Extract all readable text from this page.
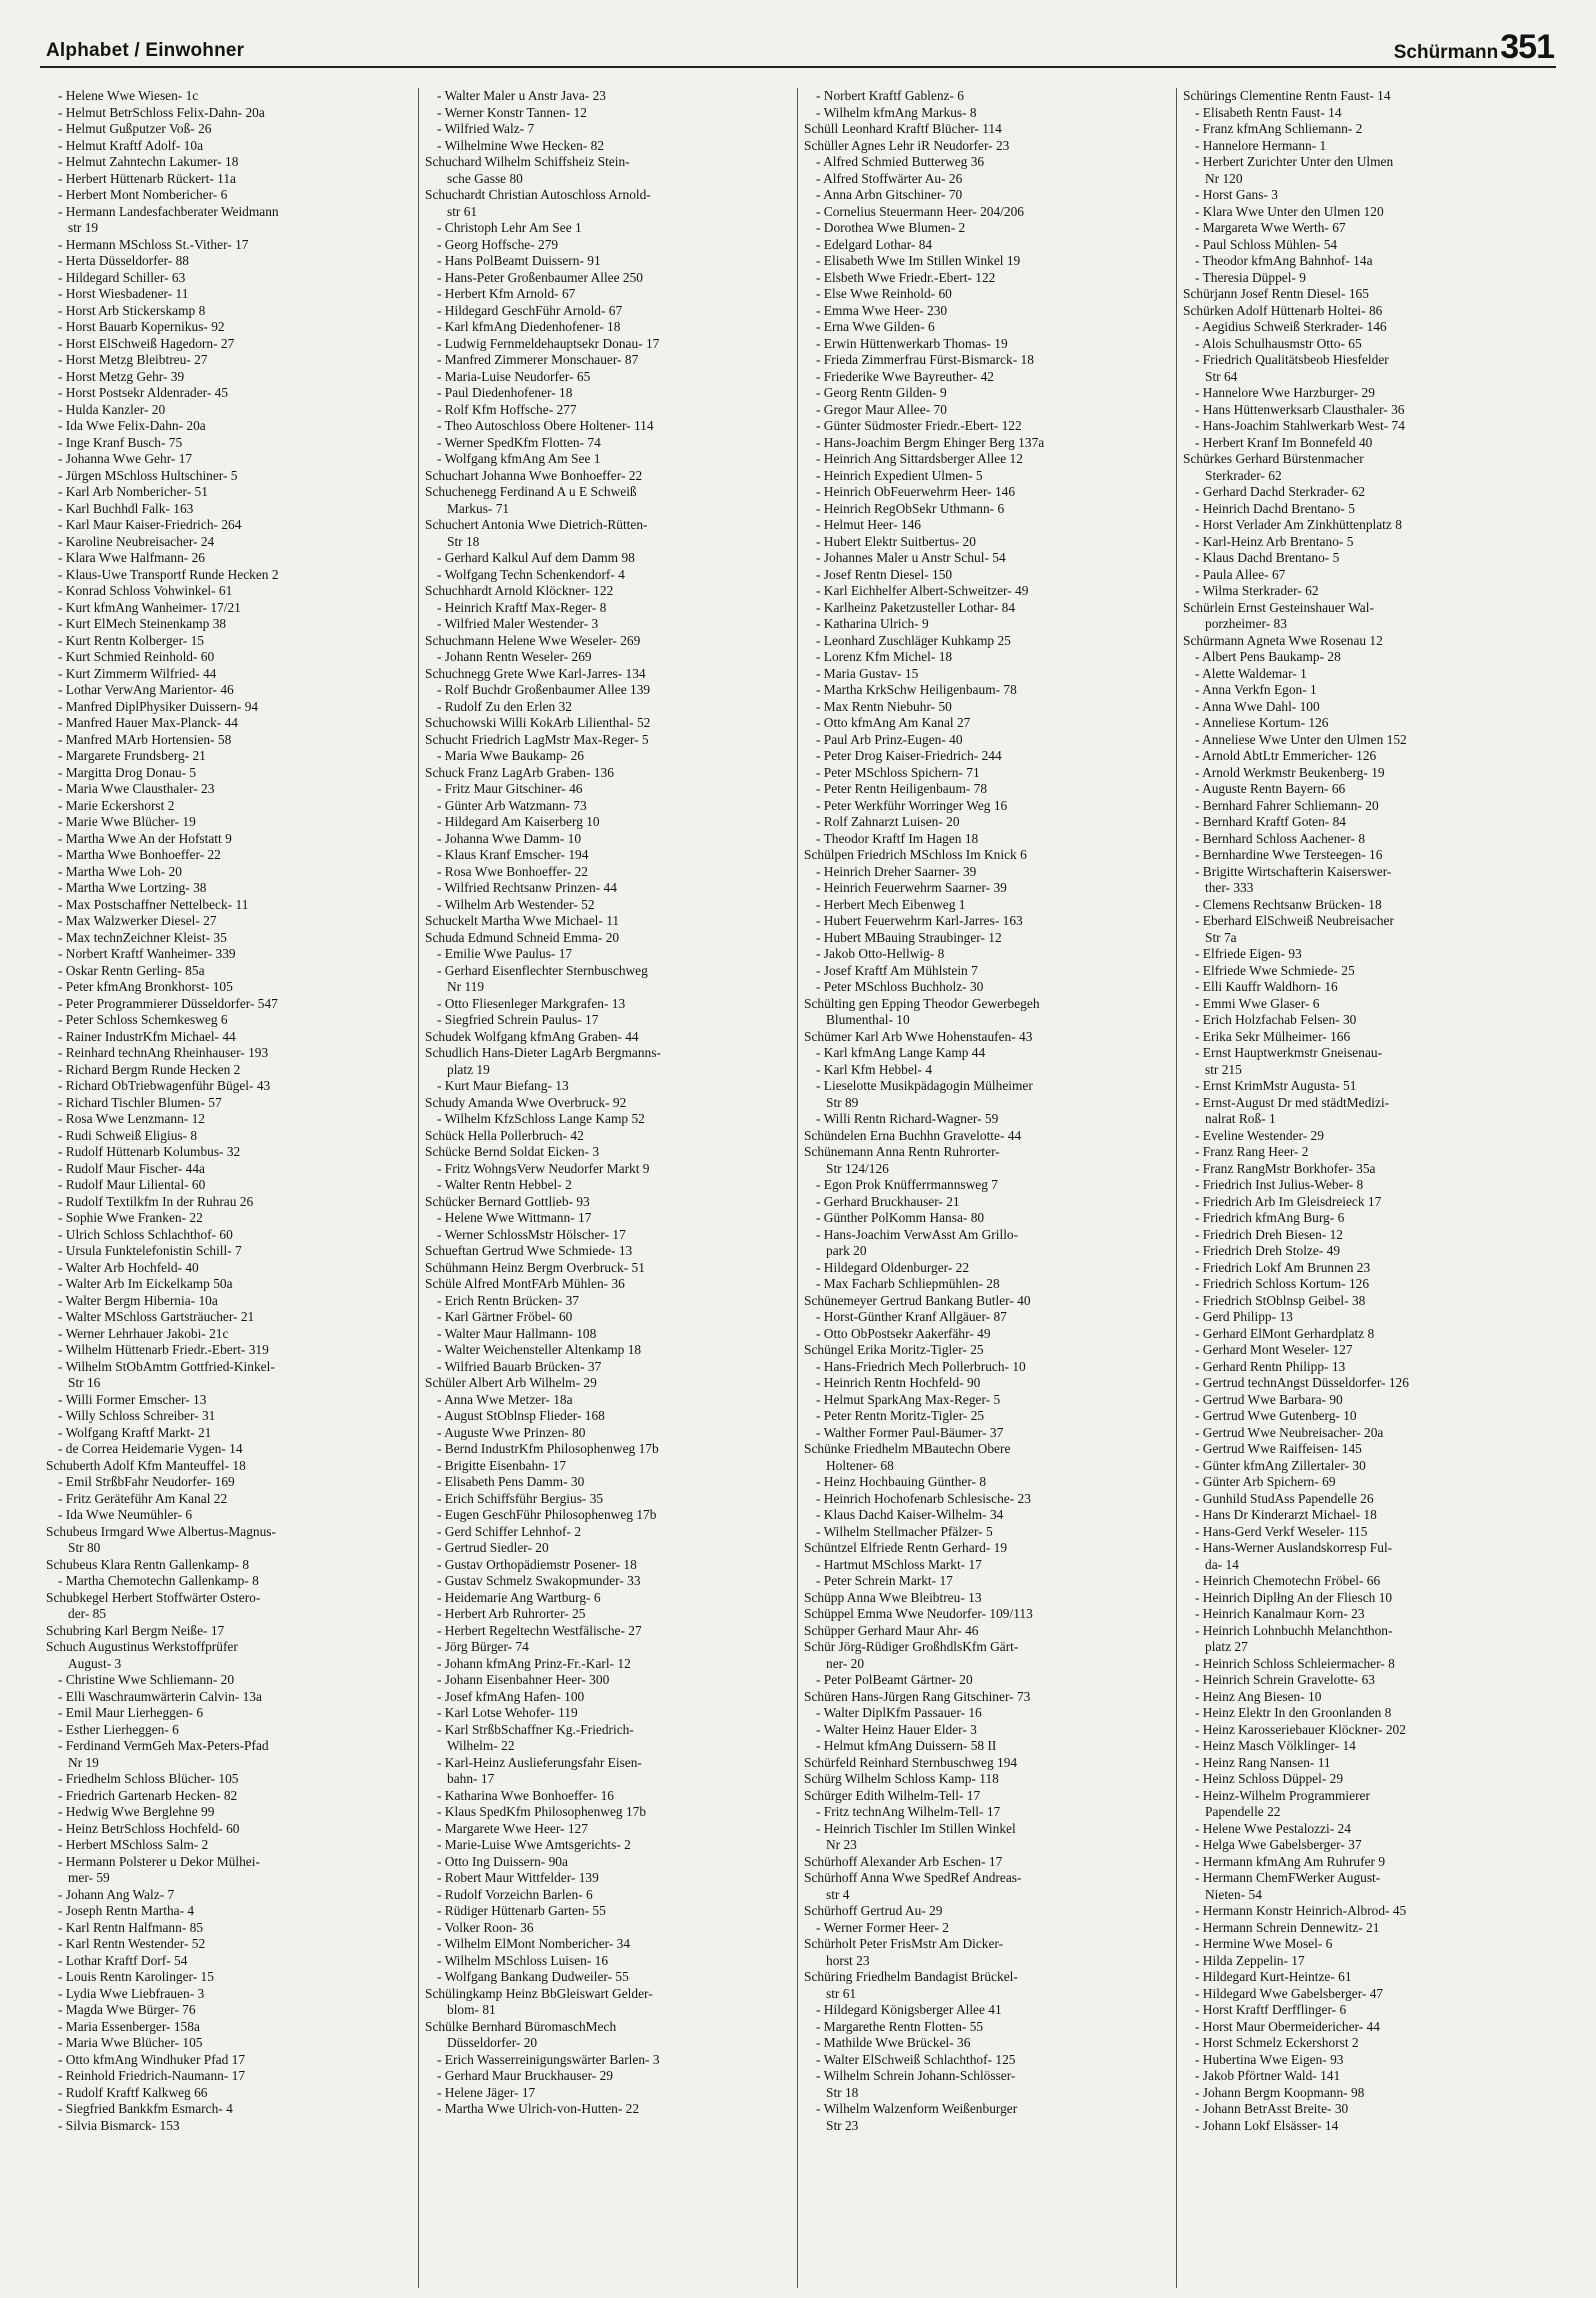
Alphabet / Einwohner	Schürmann 351
- Helene Wwe Wiesen- 1c
- Helmut BetrSchloss Felix-Dahn- 20a
- Helmut Gußputzer Voß- 26
- Helmut Kraftf Adolf- 10a
- Helmut Zahntechn Lakumer- 18
- Herbert Hüttenarb Rückert- 11a
- Herbert Mont Nombericher- 6
- Hermann Landesfachberater Weidmann
str 19
- Hermann MSchloss St.-Vither- 17
- Herta Düsseldorfer- 88
- Hildegard Schiller- 63
- Horst Wiesbadener- 11
- Horst Arb Stickerskamp 8
- Horst Bauarb Kopernikus- 92
- Horst ElSchweiß Hagedorn- 27
- Horst Metzg Bleibtreu- 27
- Horst Metzg Gehr- 39
- Horst Postsekr Aldenrader- 45
- Hulda Kanzler- 20
- Ida Wwe Felix-Dahn- 20a
- Inge Kranf Busch- 75
- Johanna Wwe Gehr- 17
- Jürgen MSchloss Hultschiner- 5
- Karl Arb Nombericher- 51
- Karl Buchhdl Falk- 163
- Karl Maur Kaiser-Friedrich- 264
- Karoline Neubreisacher- 24
- Klara Wwe Halfmann- 26
- Klaus-Uwe Transportf Runde Hecken 2
- Konrad Schloss Vohwinkel- 61
- Kurt kfmAng Wanheimer- 17/21
- Kurt ElMech Steinenkamp 38
- Kurt Rentn Kolberger- 15
- Kurt Schmied Reinhold- 60
- Kurt Zimmerm Wilfried- 44
- Lothar VerwAng Marientor- 46
- Manfred DiplPhysiker Duissern- 94
- Manfred Hauer Max-Planck- 44
- Manfred MArb Hortensien- 58
- Margarete Frundsberg- 21
- Margitta Drog Donau- 5
- Maria Wwe Clausthaler- 23
- Marie Eckershorst 2
- Marie Wwe Blücher- 19
- Martha Wwe An der Hofstatt 9
- Martha Wwe Bonhoeffer- 22
- Martha Wwe Loh- 20
- Martha Wwe Lortzing- 38
- Max Postschaffner Nettelbeck- 11
- Max Walzwerker Diesel- 27
- Max technZeichner Kleist- 35
- Norbert Kraftf Wanheimer- 339
- Oskar Rentn Gerling- 85a
- Peter kfmAng Bronkhorst- 105
- Peter Programmierer Düsseldorfer- 547
- Peter Schloss Schemkesweg 6
- Rainer IndustrKfm Michael- 44
- Reinhard technAng Rheinhauser- 193
- Richard Bergm Runde Hecken 2
- Richard ObTriebwagenführ Bügel- 43
- Richard Tischler Blumen- 57
- Rosa Wwe Lenzmann- 12
- Rudi Schweiß Eligius- 8
- Rudolf Hüttenarb Kolumbus- 32
- Rudolf Maur Fischer- 44a
- Rudolf Maur Liliental- 60
- Rudolf Textilkfm In der Ruhrau 26
- Sophie Wwe Franken- 22
- Ulrich Schloss Schlachthof- 60
- Ursula Funktelefonistin Schill- 7
- Walter Arb Hochfeld- 40
- Walter Arb Im Eickelkamp 50a
- Walter Bergm Hibernia- 10a
- Walter MSchloss Gartsträucher- 21
- Werner Lehrhauer Jakobi- 21c
- Wilhelm Hüttenarb Friedr.-Ebert- 319
- Wilhelm StObAmtm Gottfried-Kinkel-
Str 16
- Willi Former Emscher- 13
- Willy Schloss Schreiber- 31
- Wolfgang Kraftf Markt- 21
- de Correa Heidemarie Vygen- 14
Schuberth Adolf Kfm Manteuffel- 18
- Emil StrßbFahr Neudorfer- 169
- Fritz Geräteführ Am Kanal 22
- Ida Wwe Neumühler- 6
Schubeus Irmgard Wwe Albertus-Magnus-
Str 80
Schubeus Klara Rentn Gallenkamp- 8
- Martha Chemotechn Gallenkamp- 8
Schubkegel Herbert Stoffwärter Ostero-
der- 85
Schubring Karl Bergm Neiße- 17
Schuch Augustinus Werkstoffprüfer
August- 3
- Christine Wwe Schliemann- 20
- Elli Waschraumwärterin Calvin- 13a
- Emil Maur Lierheggen- 6
- Esther Lierheggen- 6
- Ferdinand VermGeh Max-Peters-Pfad
Nr 19
- Friedhelm Schloss Blücher- 105
- Friedrich Gartenarb Hecken- 82
- Hedwig Wwe Berglehne 99
- Heinz BetrSchloss Hochfeld- 60
- Herbert MSchloss Salm- 2
- Hermann Polsterer u Dekor Mülhei-
mer- 59
- Johann Ang Walz- 7
- Joseph Rentn Martha- 4
- Karl Rentn Halfmann- 85
- Karl Rentn Westender- 52
- Lothar Kraftf Dorf- 54
- Louis Rentn Karolinger- 15
- Lydia Wwe Liebfrauen- 3
- Magda Wwe Bürger- 76
- Maria Essenberger- 158a
- Maria Wwe Blücher- 105
- Otto kfmAng Windhuker Pfad 17
- Reinhold Friedrich-Naumann- 17
- Rudolf Kraftf Kalkweg 66
- Siegfried Bankkfm Esmarch- 4
- Silvia Bismarck- 153
- Walter Maler u Anstr Java- 23
- Werner Konstr Tannen- 12
- Wilfried Walz- 7
- Wilhelmine Wwe Hecken- 82
Schuchard Wilhelm Schiffsheiz Stein-
sche Gasse 80
Schuchardt Christian Autoschloss Arnold-
str 61
- Christoph Lehr Am See 1
- Georg Hoffsche- 279
- Hans PolBeamt Duissern- 91
- Hans-Peter Großenbaumer Allee 250
- Herbert Kfm Arnold- 67
- Hildegard GeschFühr Arnold- 67
- Karl kfmAng Diedenhofener- 18
- Ludwig Fernmeldehauptsekr Donau- 17
- Manfred Zimmerer Monschauer- 87
- Maria-Luise Neudorfer- 65
- Paul Diedenhofener- 18
- Rolf Kfm Hoffsche- 277
- Theo Autoschloss Obere Holtener- 114
- Werner SpedKfm Flotten- 74
- Wolfgang kfmAng Am See 1
Schuchart Johanna Wwe Bonhoeffer- 22
Schuchenegg Ferdinand A u E Schweiß
Markus- 71
Schuchert Antonia Wwe Dietrich-Rütten-
Str 18
- Gerhard Kalkul Auf dem Damm 98
- Wolfgang Techn Schenkendorf- 4
Schuchhardt Arnold Klöckner- 122
- Heinrich Kraftf Max-Reger- 8
- Wilfried Maler Westender- 3
Schuchmann Helene Wwe Weseler- 269
- Johann Rentn Weseler- 269
Schuchnegg Grete Wwe Karl-Jarres- 134
- Rolf Buchdr Großenbaumer Allee 139
- Rudolf Zu den Erlen 32
Schuchowski Willi KokArb Lilienthal- 52
Schucht Friedrich LagMstr Max-Reger- 5
- Maria Wwe Baukamp- 26
Schuck Franz LagArb Graben- 136
- Fritz Maur Gitschiner- 46
- Günter Arb Watzmann- 73
- Hildegard Am Kaiserberg 10
- Johanna Wwe Damm- 10
- Klaus Kranf Emscher- 194
- Rosa Wwe Bonhoeffer- 22
- Wilfried Rechtsanw Prinzen- 44
- Wilhelm Arb Westender- 52
Schuckelt Martha Wwe Michael- 11
Schuda Edmund Schneid Emma- 20
- Emilie Wwe Paulus- 17
- Gerhard Eisenflechter Sternbuschweg
Nr 119
- Otto Fliesenleger Markgrafen- 13
- Siegfried Schrein Paulus- 17
Schudek Wolfgang kfmAng Graben- 44
Schudlich Hans-Dieter LagArb Bergmanns-
platz 19
- Kurt Maur Biefang- 13
Schudy Amanda Wwe Overbruck- 92
- Wilhelm KfzSchloss Lange Kamp 52
Schück Hella Pollerbruch- 42
Schücke Bernd Soldat Eicken- 3
- Fritz WohngsVerw Neudorfer Markt 9
- Walter Rentn Hebbel- 2
Schücker Bernard Gottlieb- 93
- Helene Wwe Wittmann- 17
- Werner SchlossMstr Hölscher- 17
Schueftan Gertrud Wwe Schmiede- 13
Schühmann Heinz Bergm Overbruck- 51
Schüle Alfred MontFArb Mühlen- 36
- Erich Rentn Brücken- 37
- Karl Gärtner Fröbel- 60
- Walter Maur Hallmann- 108
- Walter Weichensteller Altenkamp 18
- Wilfried Bauarb Brücken- 37
Schüler Albert Arb Wilhelm- 29
- Anna Wwe Metzer- 18a
- August StOblnsp Flieder- 168
- Auguste Wwe Prinzen- 80
- Bernd IndustrKfm Philosophenweg 17b
- Brigitte Eisenbahn- 17
- Elisabeth Pens Damm- 30
- Erich Schiffsführ Bergius- 35
- Eugen GeschFühr Philosophenweg 17b
- Gerd Schiffer Lehnhof- 2
- Gertrud Siedler- 20
- Gustav Orthopädiemstr Posener- 18
- Gustav Schmelz Swakopmunder- 33
- Heidemarie Ang Wartburg- 6
- Herbert Arb Ruhrorter- 25
- Herbert Regeltechn Westfälische- 27
- Jörg Bürger- 74
- Johann kfmAng Prinz-Fr.-Karl- 12
- Johann Eisenbahner Heer- 300
- Josef kfmAng Hafen- 100
- Karl Lotse Wehofer- 119
- Karl StrßbSchaffner Kg.-Friedrich-
Wilhelm- 22
- Karl-Heinz Auslieferungsfahr Eisen-
bahn- 17
- Katharina Wwe Bonhoeffer- 16
- Klaus SpedKfm Philosophenweg 17b
- Margarete Wwe Heer- 127
- Marie-Luise Wwe Amtsgerichts- 2
- Otto Ing Duissern- 90a
- Robert Maur Wittfelder- 139
- Rudolf Vorzeichn Barlen- 6
- Rüdiger Hüttenarb Garten- 55
- Volker Roon- 36
- Wilhelm ElMont Nombericher- 34
- Wilhelm MSchloss Luisen- 16
- Wolfgang Bankang Dudweiler- 55
Schülingkamp Heinz BbGleiswart Gelder-
blom- 81
Schülke Bernhard BüromaschMech
Düsseldorfer- 20
- Erich Wasserreinigungswärter Barlen- 3
- Gerhard Maur Bruckhauser- 29
- Helene Jäger- 17
- Martha Wwe Ulrich-von-Hutten- 22
- Norbert Kraftf Gablenz- 6
- Wilhelm kfmAng Markus- 8
Schüll Leonhard Kraftf Blücher- 114
Schüller Agnes Lehr iR Neudorfer- 23
- Alfred Schmied Butterweg 36
- Alfred Stoffwärter Au- 26
- Anna Arbn Gitschiner- 70
- Cornelius Steuermann Heer- 204/206
- Dorothea Wwe Blumen- 2
- Edelgard Lothar- 84
- Elisabeth Wwe Im Stillen Winkel 19
- Elsbeth Wwe Friedr.-Ebert- 122
- Else Wwe Reinhold- 60
- Emma Wwe Heer- 230
- Erna Wwe Gilden- 6
- Erwin Hüttenwerkarb Thomas- 19
- Frieda Zimmerfrau Fürst-Bismarck- 18
- Friederike Wwe Bayreuther- 42
- Georg Rentn Gilden- 9
- Gregor Maur Allee- 70
- Günter Südmoster Friedr.-Ebert- 122
- Hans-Joachim Bergm Ehinger Berg 137a
- Heinrich Ang Sittardsberger Allee 12
- Heinrich Expedient Ulmen- 5
- Heinrich ObFeuerwehrm Heer- 146
- Heinrich RegObSekr Uthmann- 6
- Helmut Heer- 146
- Hubert Elektr Suitbertus- 20
- Johannes Maler u Anstr Schul- 54
- Josef Rentn Diesel- 150
- Karl Eichhelfer Albert-Schweitzer- 49
- Karlheinz Paketzusteller Lothar- 84
- Katharina Ulrich- 9
- Leonhard Zuschläger Kuhkamp 25
- Lorenz Kfm Michel- 18
- Maria Gustav- 15
- Martha KrkSchw Heiligenbaum- 78
- Max Rentn Niebuhr- 50
- Otto kfmAng Am Kanal 27
- Paul Arb Prinz-Eugen- 40
- Peter Drog Kaiser-Friedrich- 244
- Peter MSchloss Spichern- 71
- Peter Rentn Heiligenbaum- 78
- Peter Werkführ Worringer Weg 16
- Rolf Zahnarzt Luisen- 20
- Theodor Kraftf Im Hagen 18
Schülpen Friedrich MSchloss Im Knick 6
- Heinrich Dreher Saarner- 39
- Heinrich Feuerwehrm Saarner- 39
- Herbert Mech Eibenweg 1
- Hubert Feuerwehrm Karl-Jarres- 163
- Hubert MBauing Straubinger- 12
- Jakob Otto-Hellwig- 8
- Josef Kraftf Am Mühlstein 7
- Peter MSchloss Buchholz- 30
Schülting gen Epping Theodor Gewerbegeh
Blumenthal- 10
Schümer Karl Arb Wwe Hohenstaufen- 43
- Karl kfmAng Lange Kamp 44
- Karl Kfm Hebbel- 4
- Lieselotte Musikpädagogin Mülheimer
Str 89
- Willi Rentn Richard-Wagner- 59
Schündelen Erna Buchhn Gravelotte- 44
Schünemann Anna Rentn Ruhrorter-
Str 124/126
- Egon Prok Knüfferrmannsweg 7
- Gerhard Bruckhauser- 21
- Günther PolKomm Hansa- 80
- Hans-Joachim VerwAsst Am Grillo-
park 20
- Hildegard Oldenburger- 22
- Max Facharb Schliepmühlen- 28
Schünemeyer Gertrud Bankang Butler- 40
- Horst-Günther Kranf Allgäuer- 87
- Otto ObPostsekr Aakerfähr- 49
Schüngel Erika Moritz-Tigler- 25
- Hans-Friedrich Mech Pollerbruch- 10
- Heinrich Rentn Hochfeld- 90
- Helmut SparkAng Max-Reger- 5
- Peter Rentn Moritz-Tigler- 25
- Walther Former Paul-Bäumer- 37
Schünke Friedhelm MBautechn Obere
Holtener- 68
- Heinz Hochbauing Günther- 8
- Heinrich Hochofenarb Schlesische- 23
- Klaus Dachd Kaiser-Wilhelm- 34
- Wilhelm Stellmacher Pfälzer- 5
Schüntzel Elfriede Rentn Gerhard- 19
- Hartmut MSchloss Markt- 17
- Peter Schrein Markt- 17
Schüpp Anna Wwe Bleibtreu- 13
Schüppel Emma Wwe Neudorfer- 109/113
Schüpper Gerhard Maur Ahr- 46
Schür Jörg-Rüdiger GroßhdlsKfm Gärt-
ner- 20
- Peter PolBeamt Gärtner- 20
Schüren Hans-Jürgen Rang Gitschiner- 73
- Walter DiplKfm Passauer- 16
- Walter Heinz Hauer Elder- 3
- Helmut kfmAng Duissern- 58 II
Schürfeld Reinhard Sternbuschweg 194
Schürg Wilhelm Schloss Kamp- 118
Schürger Edith Wilhelm-Tell- 17
- Fritz technAng Wilhelm-Tell- 17
- Heinrich Tischler Im Stillen Winkel
Nr 23
Schürhoff Alexander Arb Eschen- 17
Schürhoff Anna Wwe SpedRef Andreas-
str 4
Schürhoff Gertrud Au- 29
- Werner Former Heer- 2
Schürholt Peter FrisMstr Am Dicker-
horst 23
Schüring Friedhelm Bandagist Brückel-
str 61
- Hildegard Königsberger Allee 41
- Margarethe Rentn Flotten- 55
- Mathilde Wwe Brückel- 36
- Walter ElSchweiß Schlachthof- 125
- Wilhelm Schrein Johann-Schlösser-
Str 18
- Wilhelm Walzenform Weißenburger
Str 23
Schürings Clementine Rentn Faust- 14
- Elisabeth Rentn Faust- 14
- Franz kfmAng Schliemann- 2
- Hannelore Hermann- 1
- Herbert Zurichter Unter den Ulmen
Nr 120
- Horst Gans- 3
- Klara Wwe Unter den Ulmen 120
- Margareta Wwe Werth- 67
- Paul Schloss Mühlen- 54
- Theodor kfmAng Bahnhof- 14a
- Theresia Düppel- 9
Schürjann Josef Rentn Diesel- 165
Schürken Adolf Hüttenarb Holtei- 86
- Aegidius Schweiß Sterkrader- 146
- Alois Schulhausmstr Otto- 65
- Friedrich Qualitätsbeob Hiesfelder
Str 64
- Hannelore Wwe Harzburger- 29
- Hans Hüttenwerksarb Clausthaler- 36
- Hans-Joachim Stahlwerkarb West- 74
- Herbert Kranf Im Bonnefeld 40
Schürkes Gerhard Bürstenmacher
Sterkrader- 62
- Gerhard Dachd Sterkrader- 62
- Heinrich Dachd Brentano- 5
- Horst Verlader Am Zinkhüttenplatz 8
- Karl-Heinz Arb Brentano- 5
- Klaus Dachd Brentano- 5
- Paula Allee- 67
- Wilma Sterkrader- 62
Schürlein Ernst Gesteinshauer Wal-
porzheimer- 83
Schürmann Agneta Wwe Rosenau 12
- Albert Pens Baukamp- 28
- Alette Waldemar- 1
- Anna Verkfn Egon- 1
- Anna Wwe Dahl- 100
- Anneliese Kortum- 126
- Anneliese Wwe Unter den Ulmen 152
- Arnold AbtLtr Emmericher- 126
- Arnold Werkmstr Beukenberg- 19
- Auguste Rentn Bayern- 66
- Bernhard Fahrer Schliemann- 20
- Bernhard Kraftf Goten- 84
- Bernhard Schloss Aachener- 8
- Bernhardine Wwe Tersteegen- 16
- Brigitte Wirtschafterin Kaiserswer-
ther- 333
- Clemens Rechtsanw Brücken- 18
- Eberhard ElSchweiß Neubreisacher
Str 7a
- Elfriede Eigen- 93
- Elfriede Wwe Schmiede- 25
- Elli Kauffr Waldhorn- 16
- Emmi Wwe Glaser- 6
- Erich Holzfachab Felsen- 30
- Erika Sekr Mülheimer- 166
- Ernst Hauptwerkmstr Gneisenau-
str 215
- Ernst KrimMstr Augusta- 51
- Ernst-August Dr med städtMedizi-
nalrat Roß- 1
- Eveline Westender- 29
- Franz Rang Heer- 2
- Franz RangMstr Borkhofer- 35a
- Friedrich Inst Julius-Weber- 8
- Friedrich Arb Im Gleisdreieck 17
- Friedrich kfmAng Burg- 6
- Friedrich Dreh Biesen- 12
- Friedrich Dreh Stolze- 49
- Friedrich Lokf Am Brunnen 23
- Friedrich Schloss Kortum- 126
- Friedrich StOblnsp Geibel- 38
- Gerd Philipp- 13
- Gerhard ElMont Gerhardplatz 8
- Gerhard Mont Weseler- 127
- Gerhard Rentn Philipp- 13
- Gertrud technAngst Düsseldorfer- 126
- Gertrud Wwe Barbara- 90
- Gertrud Wwe Gutenberg- 10
- Gertrud Wwe Neubreisacher- 20a
- Gertrud Wwe Raiffeisen- 145
- Günter kfmAng Zillertaler- 30
- Günter Arb Spichern- 69
- Gunhild StudAss Papendelle 26
- Hans Dr Kinderarzt Michael- 18
- Hans-Gerd Verkf Weseler- 115
- Hans-Werner Auslandskorresp Ful-
da- 14
- Heinrich Chemotechn Fröbel- 66
- Heinrich Diplłng An der Fliesch 10
- Heinrich Kanalmaur Korn- 23
- Heinrich Lohnbuchh Melanchthon-
platz 27
- Heinrich Schloss Schleiermacher- 8
- Heinrich Schrein Gravelotte- 63
- Heinz Ang Biesen- 10
- Heinz Elektr In den Groonlanden 8
- Heinz Karosseriebauer Klöckner- 202
- Heinz Masch Völklinger- 14
- Heinz Rang Nansen- 11
- Heinz Schloss Düppel- 29
- Heinz-Wilhelm Programmierer
Papendelle 22
- Helene Wwe Pestalozzi- 24
- Helga Wwe Gabelsberger- 37
- Hermann kfmAng Am Ruhrufer 9
- Hermann ChemFWerker August-
Nieten- 54
- Hermann Konstr Heinrich-Albrod- 45
- Hermann Schrein Dennewitz- 21
- Hermine Wwe Mosel- 6
- Hilda Zeppelin- 17
- Hildegard Kurt-Heintze- 61
- Hildegard Wwe Gabelsberger- 47
- Horst Kraftf Derfflinger- 6
- Horst Maur Obermeidericher- 44
- Horst Schmelz Eckershorst 2
- Hubertina Wwe Eigen- 93
- Jakob Pförtner Wald- 141
- Johann Bergm Koopmann- 98
- Johann BetrAsst Breite- 30
- Johann Lokf Elsässer- 14
